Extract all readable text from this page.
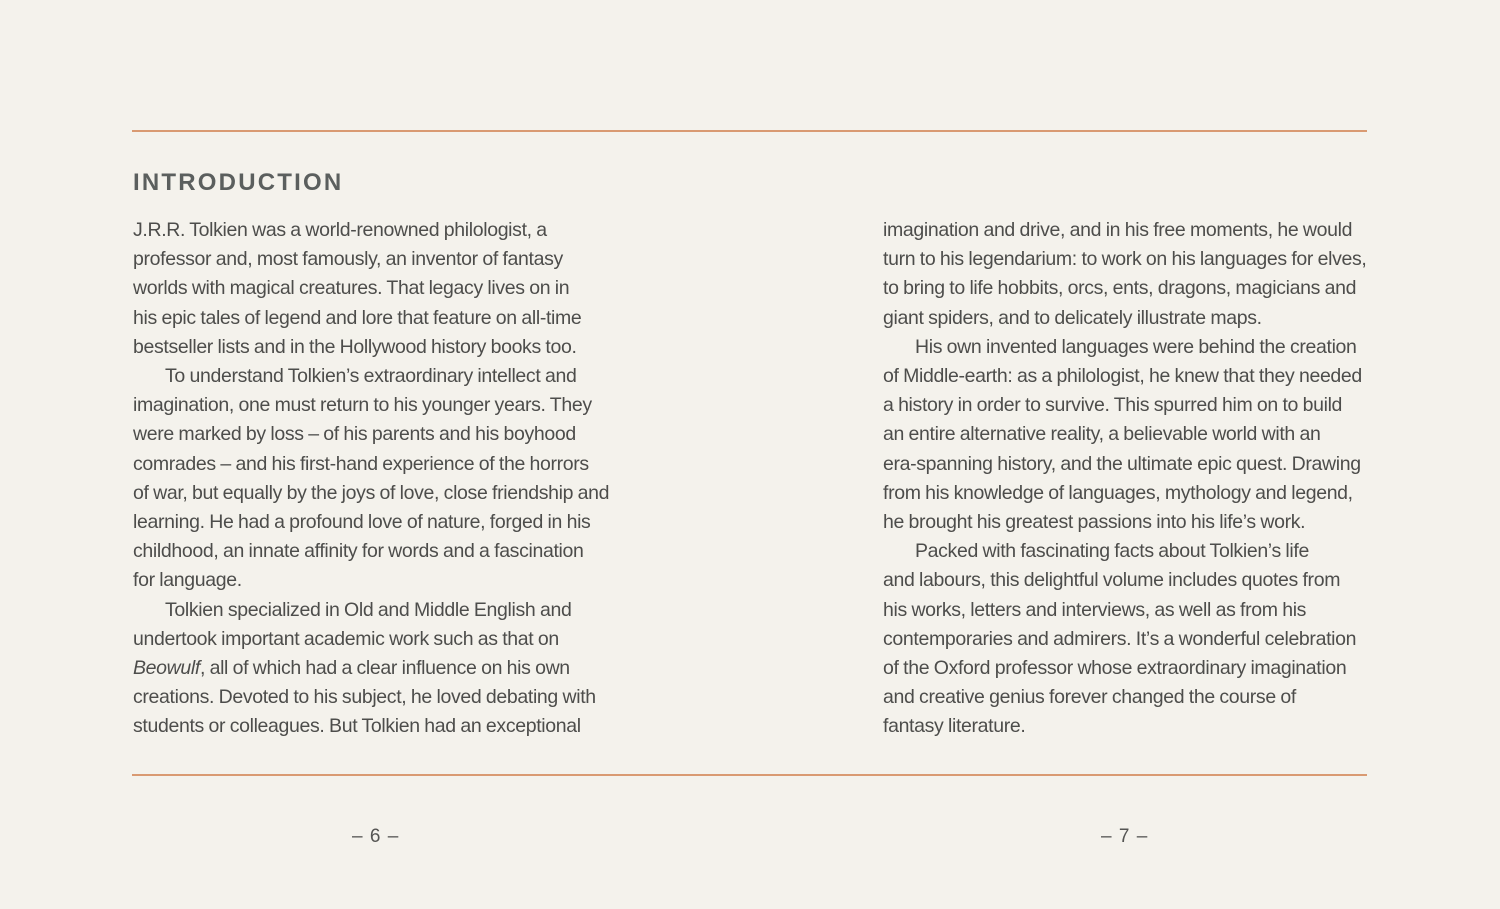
INTRODUCTION
J.R.R. Tolkien was a world-renowned philologist, a
professor and, most famously, an inventor of fantasy
worlds with magical creatures. That legacy lives on in
his epic tales of legend and lore that feature on all-time
bestseller lists and in the Hollywood history books too.
To understand Tolkien’s extraordinary intellect and
imagination, one must return to his younger years. They
were marked by loss – of his parents and his boyhood
comrades – and his first-hand experience of the horrors
of war, but equally by the joys of love, close friendship and
learning. He had a profound love of nature, forged in his
childhood, an innate affinity for words and a fascination
for language.
Tolkien specialized in Old and Middle English and
undertook important academic work such as that on
Beowulf, all of which had a clear influence on his own
creations. Devoted to his subject, he loved debating with
students or colleagues. But Tolkien had an exceptional
imagination and drive, and in his free moments, he would
turn to his legendarium: to work on his languages for elves,
to bring to life hobbits, orcs, ents, dragons, magicians and
giant spiders, and to delicately illustrate maps.
His own invented languages were behind the creation
of Middle-earth: as a philologist, he knew that they needed
a history in order to survive. This spurred him on to build
an entire alternative reality, a believable world with an
era-spanning history, and the ultimate epic quest. Drawing
from his knowledge of languages, mythology and legend,
he brought his greatest passions into his life’s work.
Packed with fascinating facts about Tolkien’s life
and labours, this delightful volume includes quotes from
his works, letters and interviews, as well as from his
contemporaries and admirers. It’s a wonderful celebration
of the Oxford professor whose extraordinary imagination
and creative genius forever changed the course of
fantasy literature.
– 6 –	– 7 –
